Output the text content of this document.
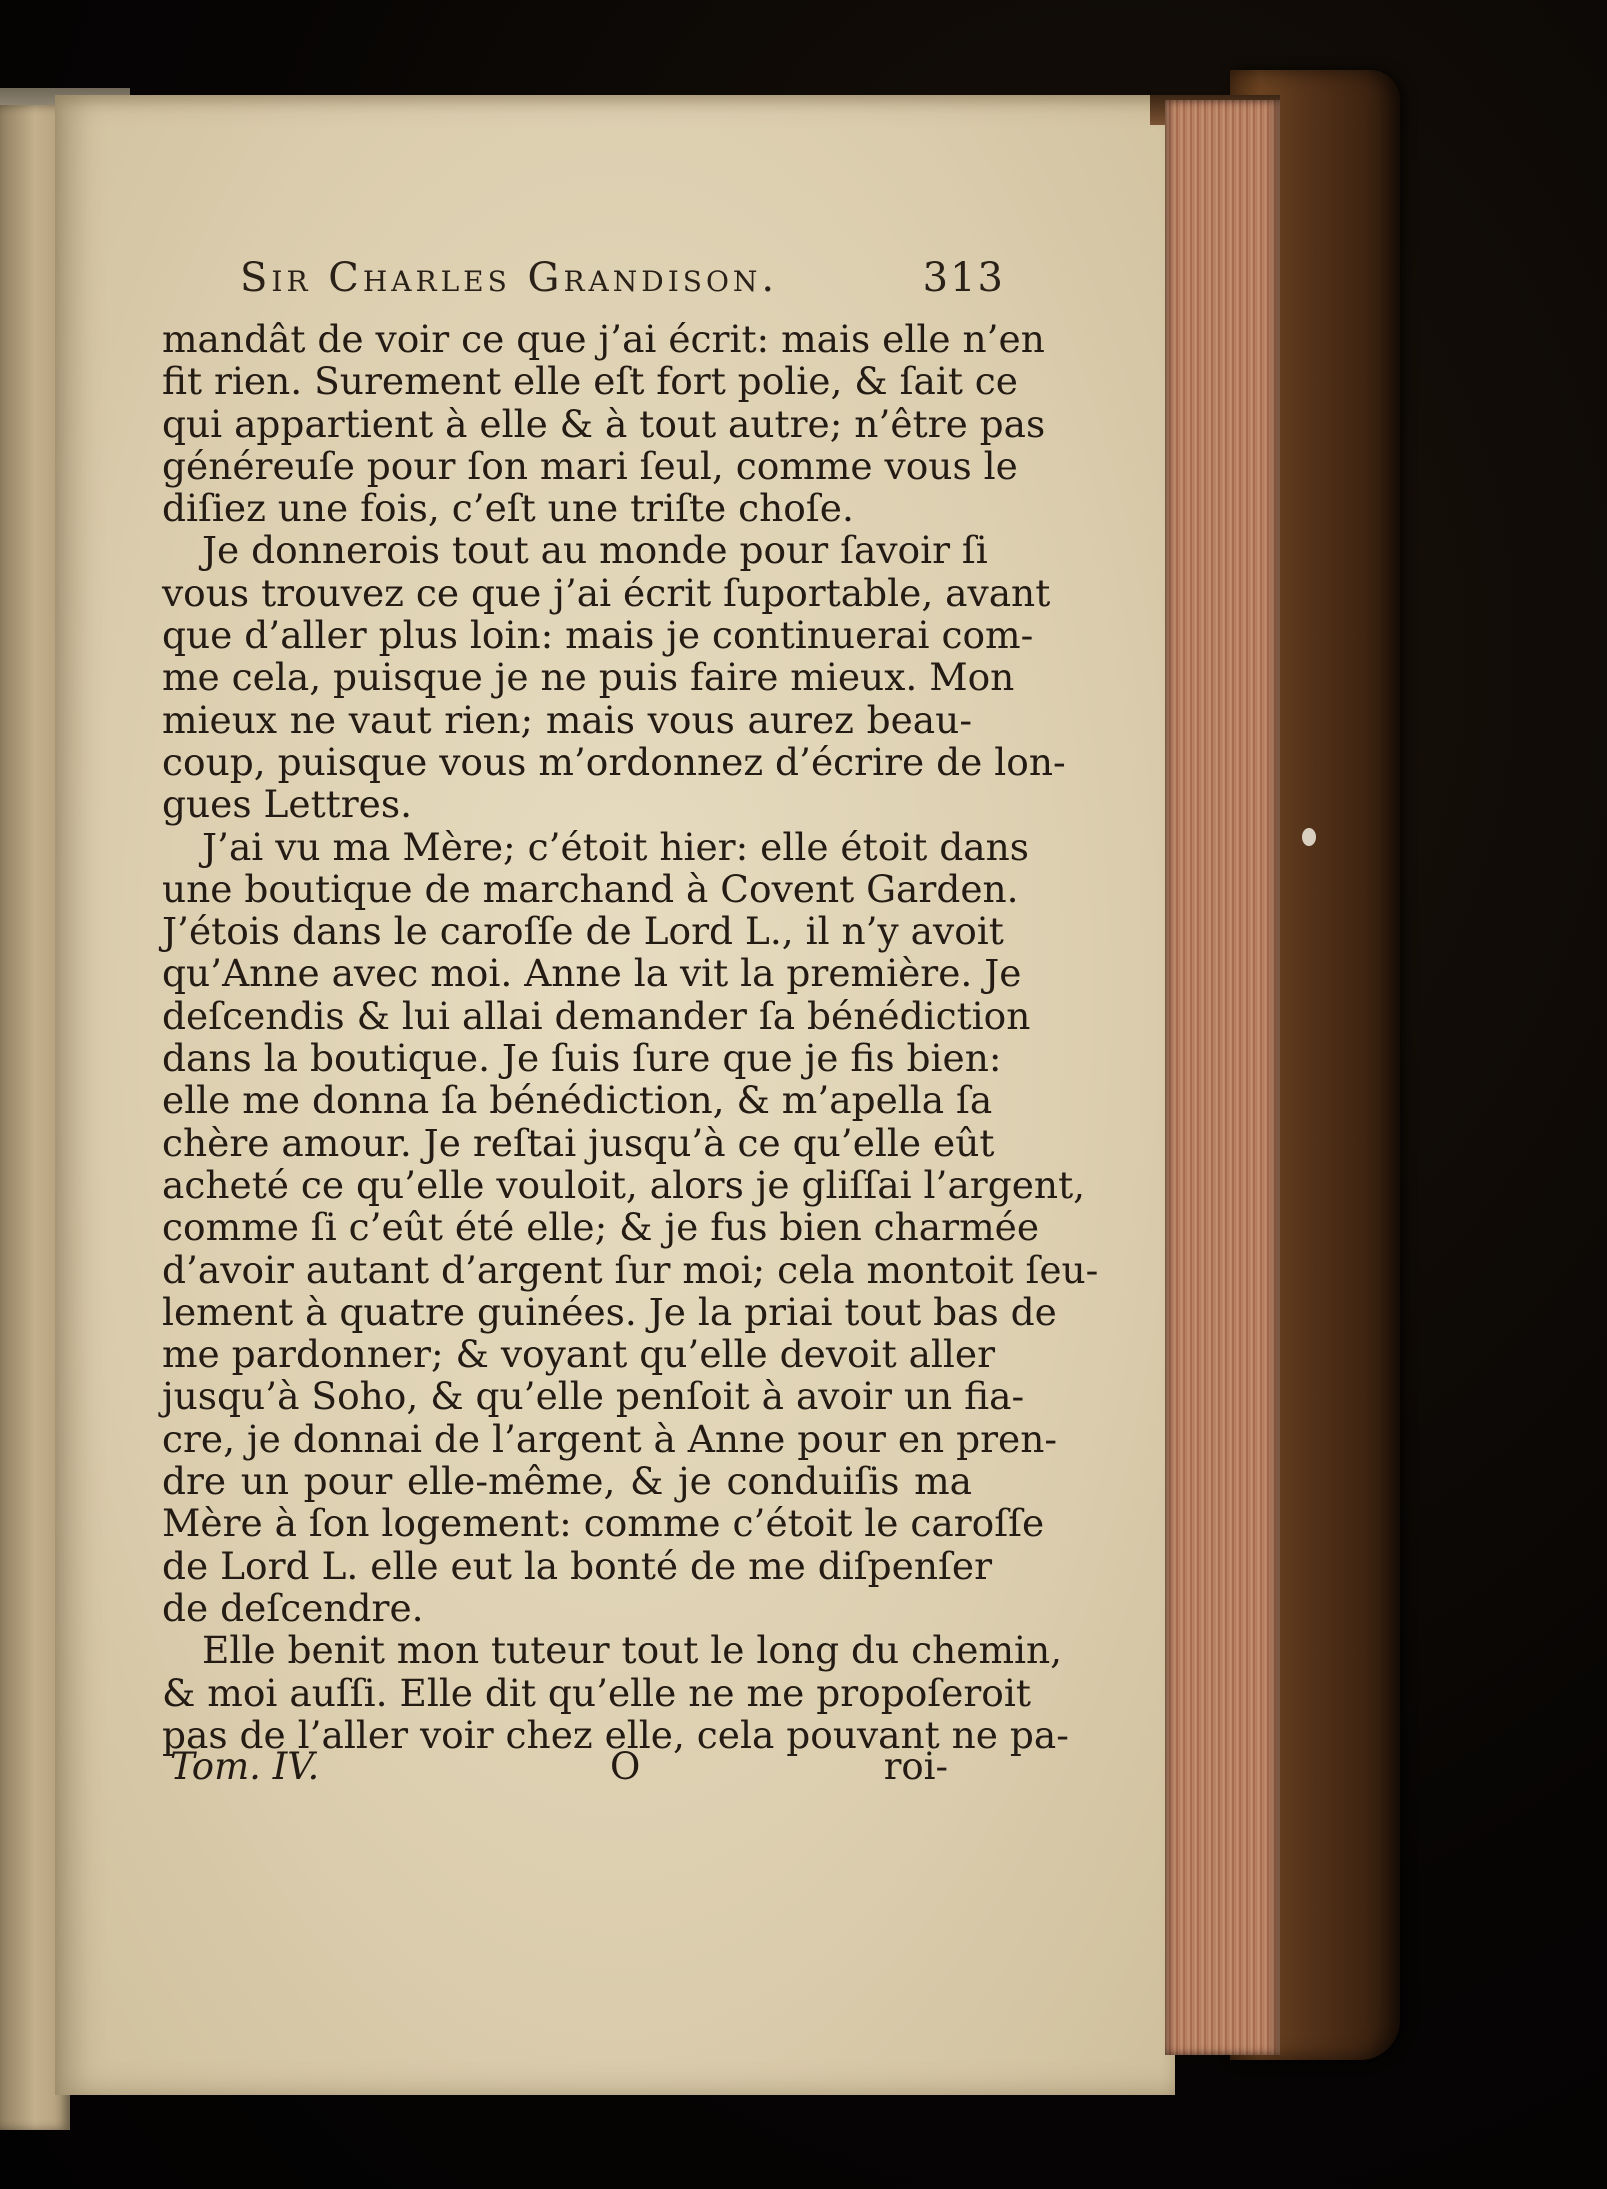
Sir Charles Grandison.	313
mandât de voir ce que j’ai écrit: mais elle n’en
fit rien. Surement elle eſt fort polie, & ſait ce
qui appartient à elle & à tout autre; n’être pas
généreuſe pour ſon mari ſeul, comme vous le
diſiez une fois, c’eſt une triſte choſe.
Je donnerois tout au monde pour ſavoir ſi
vous trouvez ce que j’ai écrit ſuportable, avant
que d’aller plus loin: mais je continuerai com-
me cela, puisque je ne puis faire mieux. Mon
mieux ne vaut rien; mais vous aurez beau-
coup, puisque vous m’ordonnez d’écrire de lon-
gues Lettres.
J’ai vu ma Mère; c’étoit hier: elle étoit dans
une boutique de marchand à Covent Garden.
J’étois dans le caroſſe de Lord L., il n’y avoit
qu’Anne avec moi. Anne la vit la première. Je
deſcendis & lui allai demander ſa bénédiction
dans la boutique. Je ſuis ſure que je fis bien:
elle me donna ſa bénédiction, & m’apella ſa
chère amour. Je reſtai jusqu’à ce qu’elle eût
acheté ce qu’elle vouloit, alors je gliſſai l’argent,
comme ſi c’eût été elle; & je fus bien charmée
d’avoir autant d’argent ſur moi; cela montoit ſeu-
lement à quatre guinées. Je la priai tout bas de
me pardonner; & voyant qu’elle devoit aller
jusqu’à Soho, & qu’elle penſoit à avoir un fia-
cre, je donnai de l’argent à Anne pour en pren-
dre un pour elle-même, & je conduiſis ma
Mère à ſon logement: comme c’étoit le caroſſe
de Lord L. elle eut la bonté de me diſpenſer
de deſcendre.
Elle benit mon tuteur tout le long du chemin,
& moi auſſi. Elle dit qu’elle ne me propoſeroit
pas de l’aller voir chez elle, cela pouvant ne pa-
Tom. IV.	O	roi-
